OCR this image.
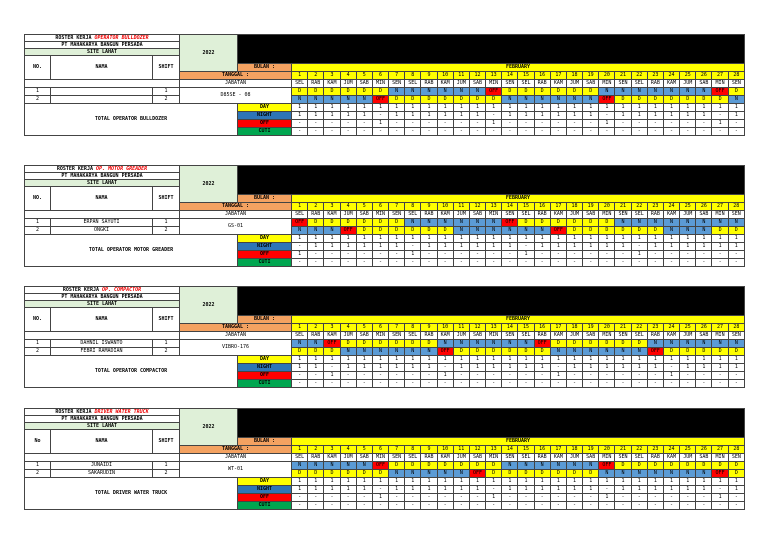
ROSTER KERJA OPERATOR BULLDOZER			2022	ROSTER KERJA OPERATOR BULLDOZER CARTEPILAR RENTAL
PERIODE FEBRUARI 2022																												

PT MAHAKARYA BANGUN PERSADA																																
SITE LAHAT																																
NO.	NAMA	SHIFT																														
				BULAN :	FEBRUARY																											
			TANGGAL :		1	2	3	4	5	6	7	8	9	10	11	12	13	14	15	16	17	18	19	20	21	22	23	24	25	26	27	28
			JABATAN		SEL	RAB	KAM	JUM	SAB	MIN	SEN	SEL	RAB	KAM	JUM	SAB	MIN	SEN	SEL	RAB	KAM	JUM	SAB	MIN	SEN	SEL	RAB	KAM	JUM	SAB	MIN	SEN
1		1	D85SE - 08		D	D	D	D	D	D	N	N	N	N	N	N	OFF	D	D	D	D	D	D	N	N	N	N	N	N	N	OFF	D
2		2			N	N	N	N	N	OFF	D	D	D	D	D	D	D	N	N	N	N	N	N	OFF	D	D	D	D	D	D	D	N
TOTAL OPERATOR BULLDOZER				DAY	1	1	1	1	1	1	1	1	1	1	1	1	1	1	1	1	1	1	1	1	1	1	1	1	1	1	1	1
				NIGHT	1	1	1	1	1	-	1	1	1	1	1	1	-	1	1	1	1	1	1	-	1	1	1	1	1	1	-	1
				OFF	-	-	-	-	-	1	-	-	-	-	-	-	1	-	-	-	-	-	-	1	-	-	-	-	-	-	1	-
				CUTI	-	-	-	-	-	-	-	-	-	-	-	-	-	-	-	-	-	-	-	-	-	-	-	-	-	-	-	-
ROSTER KERJA OP. MOTOR GREADER			2022	ROSTER KERJA OPERATOR M. GREADER
PERIODE FEBRUARI 2022																												

PT MAHAKARYA BANGUN PERSADA																																
SITE LAHAT																																
NO.	NAMA	SHIFT																														
				BULAN :	FEBRUARY																											
			TANGGAL :		1	2	3	4	5	6	7	8	9	10	11	12	13	14	15	16	17	18	19	20	21	22	23	24	25	26	27	28
			JABATAN		SEL	RAB	KAM	JUM	SAB	MIN	SEN	SEL	RAB	KAM	JUM	SAB	MIN	SEN	SEL	RAB	KAM	JUM	SAB	MIN	SEN	SEL	RAB	KAM	JUM	SAB	MIN	SEN
1	ERPAN SAYUTI	1	GS-01		OFF	D	D	D	D	D	D	N	N	N	N	N	N	OFF	D	D	D	D	D	D	N	N	N	N	N	N	N	N
2	ONGKI	2			N	N	N	OFF	D	D	D	D	D	D	N	N	N	N	N	N	OFF	D	D	D	D	D	D	N	N	N	D	D
TOTAL OPERATOR MOTOR GREADER				DAY	1	1	1	1	1	1	1	1	1	1	1	1	1	1	1	1	1	1	1	1	1	1	1	1	1	1	1	1
				NIGHT	-	1	1	1	1	1	1	-	1	1	1	1	1	1	-	1	1	1	1	1	1	-	1	1	1	1	1	1
				OFF	1	-	-	-	-	-	-	1	-	-	-	-	-	-	1	-	-	-	-	-	-	1	-	-	-	-	-	-
				CUTI	-	-	-	-	-	-	-	-	-	-	-	-	-	-	-	-	-	-	-	-	-	-	-	-	-	-	-	-
ROSTER KERJA OP. COMPACTOR			2022	ROSTER KERJA OPERATOR COMPACTOR
PERIODE FEBRUARI 2022																												

PT MAHAKARYA BANGUN PERSADA																																
SITE LAHAT																																
NO.	NAMA	SHIFT																														
				BULAN :	FEBRUARY																											
			TANGGAL :		1	2	3	4	5	6	7	8	9	10	11	12	13	14	15	16	17	18	19	20	21	22	23	24	25	26	27	28
			JABATAN		SEL	RAB	KAM	JUM	SAB	MIN	SEN	SEL	RAB	KAM	JUM	SAB	MIN	SEN	SEL	RAB	KAM	JUM	SAB	MIN	SEN	SEL	RAB	KAM	JUM	SAB	MIN	SEN
1	DAHNIL ISWANTO	1	VIBRO-176		N	N	OFF	D	D	D	D	D	D	N	N	N	N	N	N	OFF	D	D	D	D	D	D	N	N	N	N	N	N
2	FEBRI RAMADIAN	2			D	D	D	N	N	N	N	N	N	OFF	D	D	D	D	D	D	N	N	N	N	N	N	OFF	D	D	D	D	D
TOTAL OPERATOR COMPACTOR				DAY	1	1	1	1	1	1	1	1	1	1	1	1	1	1	1	1	1	1	1	1	1	1	1	1	1	1	1	1
				NIGHT	1	1	-	1	1	1	1	1	1	-	1	1	1	1	1	1	-	1	1	1	1	1	1	-	1	1	1	1
				OFF	-	-	1	-	-	-	-	-	-	1	-	-	-	-	-	-	1	-	-	-	-	-	-	1	-	-	-	-
				CUTI	-	-	-	-	-	-	-	-	-	-	-	-	-	-	-	-	-	-	-	-	-	-	-	-	-	-	-	-
ROSTER KERJA DRIVER WATER TRUCK			2022	ROSTER KERJA DRIVER WATER TRUCK
PERIODE FEBRUARI 2022																												

PT MAHAKARYA BANGUN PERSADA																																
SITE LAHAT																																
No	NAMA	SHIFT																														
				BULAN :	FEBRUARY																											
			TANGGAL :		1	2	3	4	5	6	7	8	9	10	11	12	13	14	15	16	17	18	19	20	21	22	23	24	25	26	27	28
			JABATAN		SEL	RAB	KAM	JUM	SAB	MIN	SEN	SEL	RAB	KAM	JUM	SAB	MIN	SEN	SEL	RAB	KAM	JUM	SAB	MIN	SEN	SEL	RAB	KAM	JUM	SAB	MIN	SEN
1	JUNAIDI	1	WT-01		N	N	N	N	N	OFF	D	D	D	D	D	D	D	N	N	N	N	N	N	OFF	D	D	D	D	D	D	D	D
2	SAKARUDIN	2			D	D	D	D	D	D	N	N	N	N	N	OFF	D	D	D	D	D	D	D	N	N	N	N	N	N	N	OFF	D
TOTAL DRIVER WATER TRUCK				DAY	1	1	1	1	1	1	1	1	1	1	1	1	1	1	1	1	1	1	1	1	1	1	1	1	1	1	1	1
				NIGHT	1	1	1	1	1	-	1	1	1	1	1	1	-	1	1	1	1	1	1	-	1	1	1	1	1	1	-	1
				OFF	-	-	-	-	-	1	-	-	-	-	-	-	1	-	-	-	-	-	-	1	-	-	-	-	-	-	1	-
				CUTI	-	-	-	-	-	-	-	-	-	-	-	-	-	-	-	-	-	-	-	-	-	-	-	-	-	-	-	-
